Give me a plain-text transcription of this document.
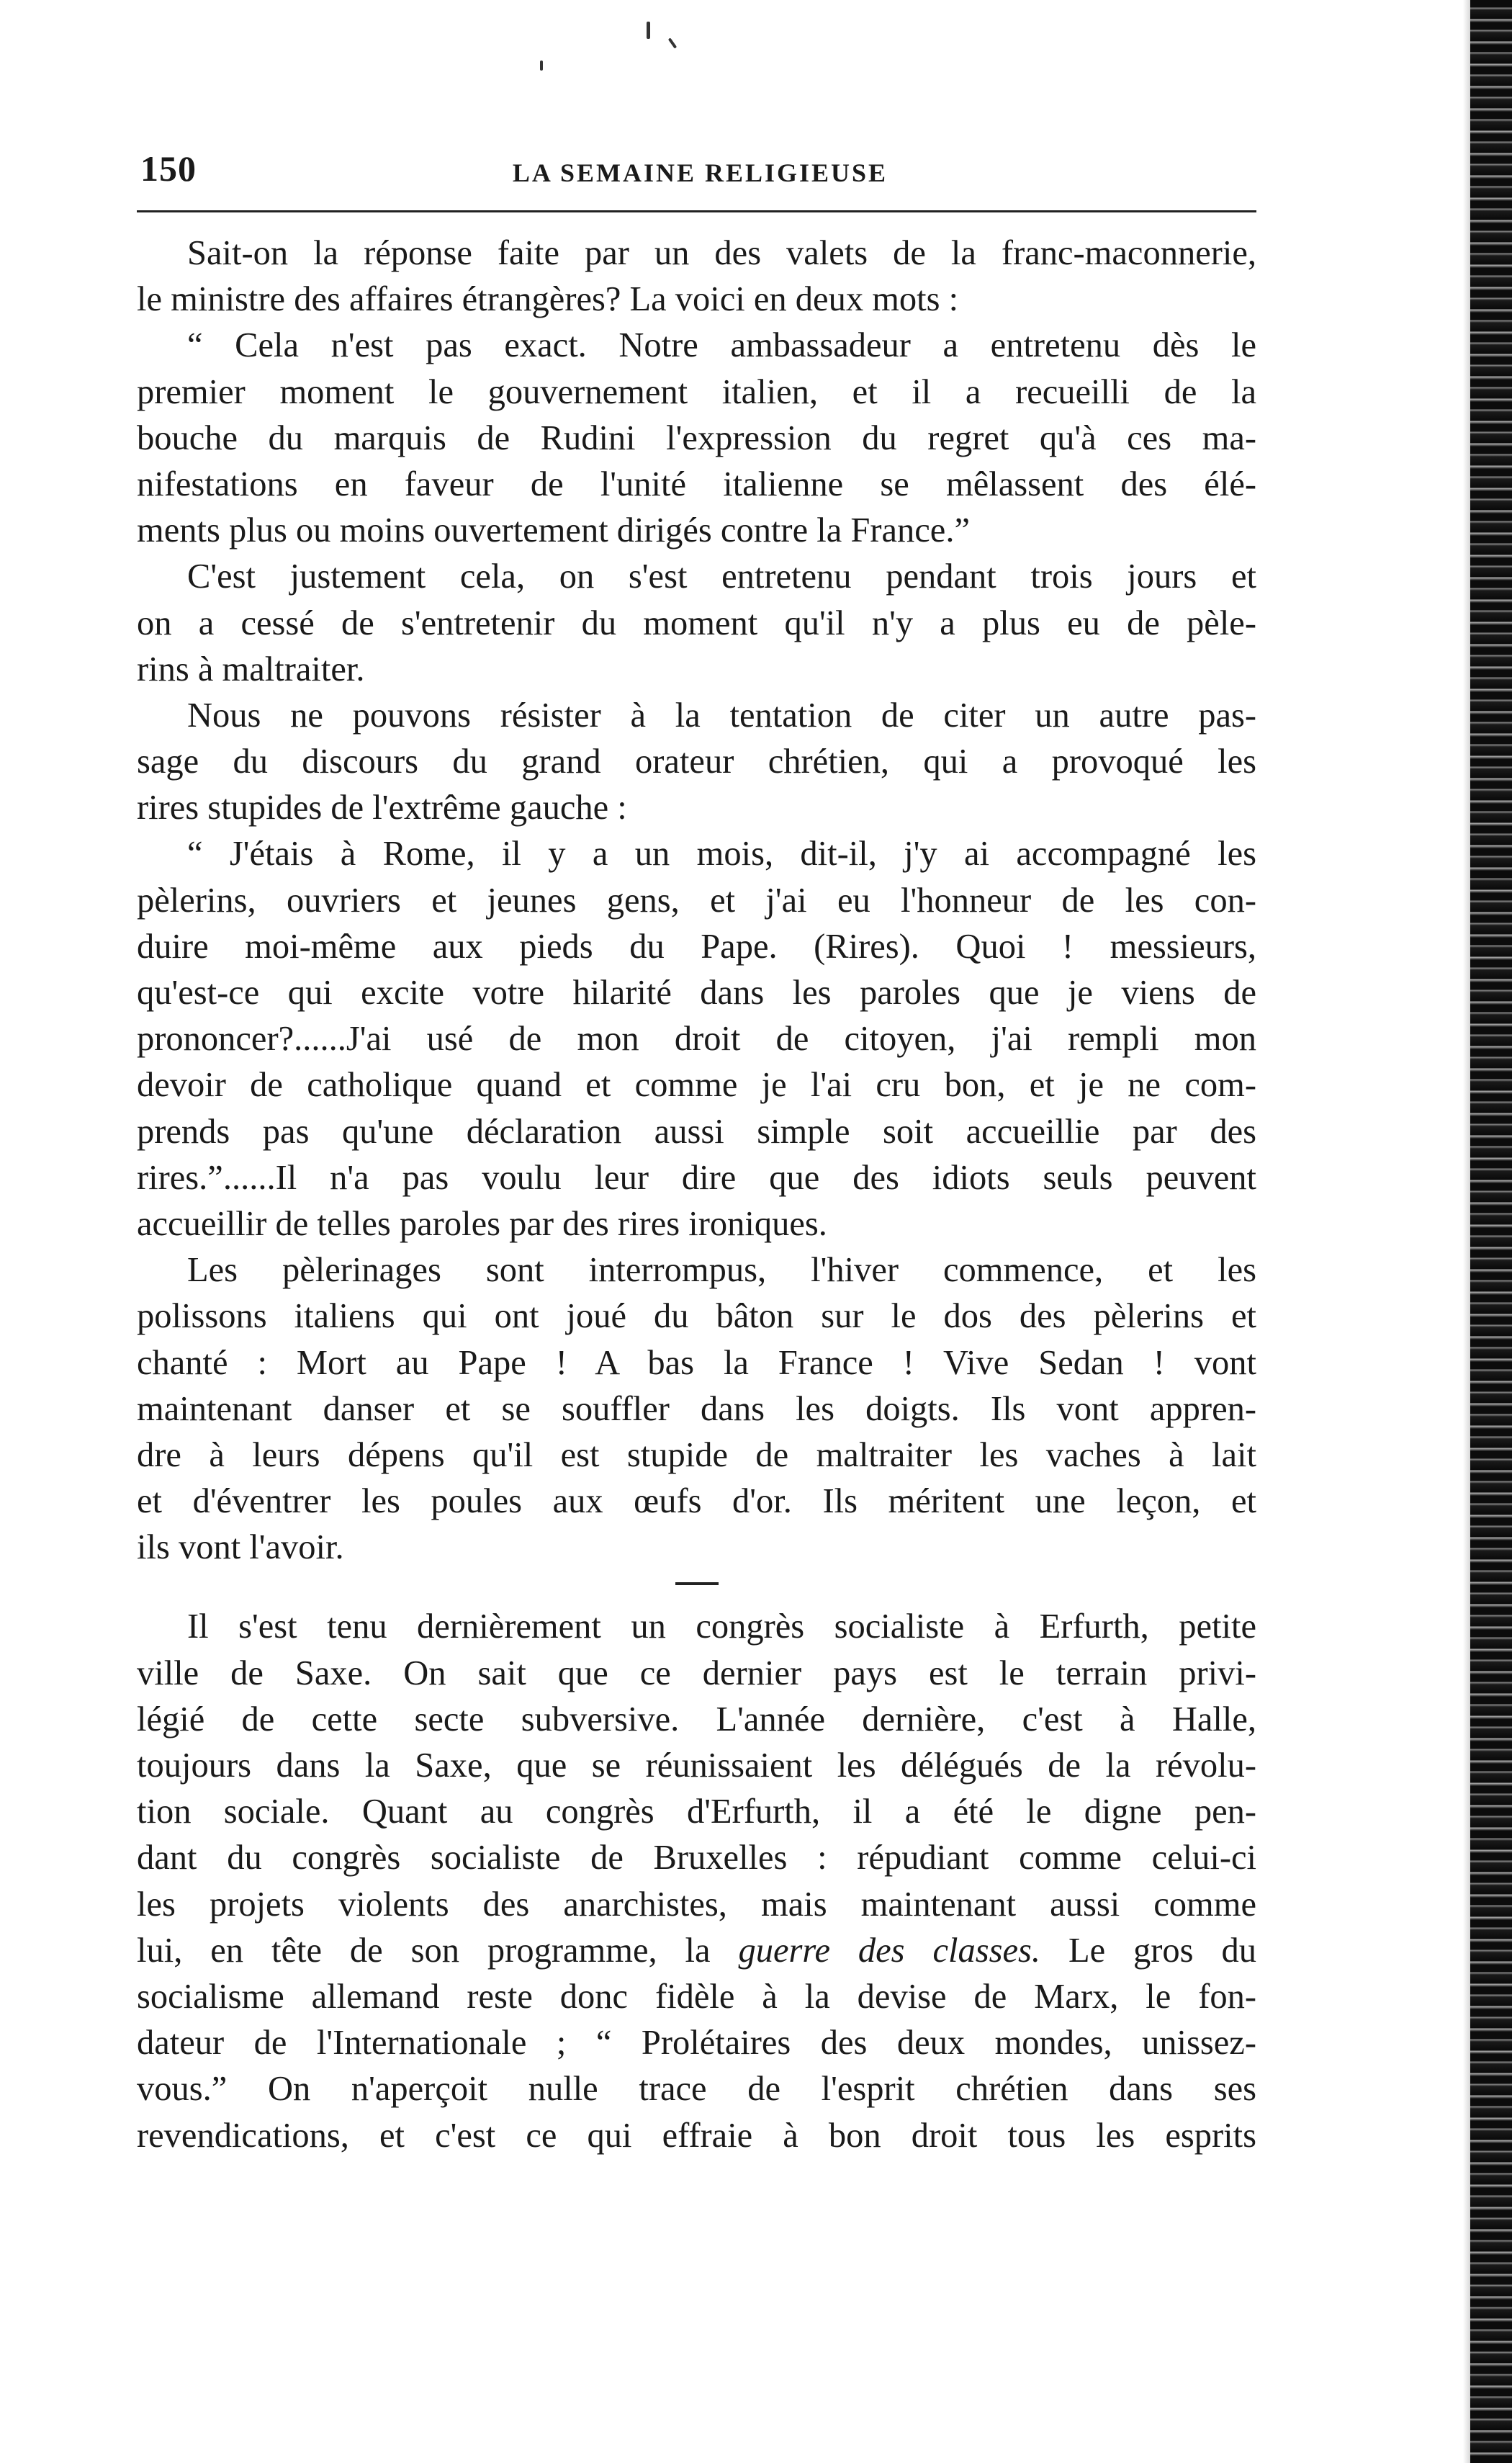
150	LA SEMAINE RELIGIEUSE
Sait-on la réponse faite par un des valets de la franc-maconnerie,
le ministre des affaires étrangères? La voici en deux mots :
“ Cela n'est pas exact. Notre ambassadeur a entretenu dès le
premier moment le gouvernement italien, et il a recueilli de la
bouche du marquis de Rudini l'expression du regret qu'à ces ma-
nifestations en faveur de l'unité italienne se mêlassent des élé-
ments plus ou moins ouvertement dirigés contre la France.”
C'est justement cela, on s'est entretenu pendant trois jours et
on a cessé de s'entretenir du moment qu'il n'y a plus eu de pèle-
rins à maltraiter.
Nous ne pouvons résister à la tentation de citer un autre pas-
sage du discours du grand orateur chrétien, qui a provoqué les
rires stupides de l'extrême gauche :
“ J'étais à Rome, il y a un mois, dit-il, j'y ai accompagné les
pèlerins, ouvriers et jeunes gens, et j'ai eu l'honneur de les con-
duire moi-même aux pieds du Pape. (Rires). Quoi ! messieurs,
qu'est-ce qui excite votre hilarité dans les paroles que je viens de
prononcer?......J'ai usé de mon droit de citoyen, j'ai rempli mon
devoir de catholique quand et comme je l'ai cru bon, et je ne com-
prends pas qu'une déclaration aussi simple soit accueillie par des
rires.”......Il n'a pas voulu leur dire que des idiots seuls peuvent
accueillir de telles paroles par des rires ironiques.
Les pèlerinages sont interrompus, l'hiver commence, et les
polissons italiens qui ont joué du bâton sur le dos des pèlerins et
chanté : Mort au Pape ! A bas la France ! Vive Sedan ! vont
maintenant danser et se souffler dans les doigts. Ils vont appren-
dre à leurs dépens qu'il est stupide de maltraiter les vaches à lait
et d'éventrer les poules aux œufs d'or. Ils méritent une leçon, et
ils vont l'avoir.
Il s'est tenu dernièrement un congrès socialiste à Erfurth, petite
ville de Saxe. On sait que ce dernier pays est le terrain privi-
légié de cette secte subversive. L'année dernière, c'est à Halle,
toujours dans la Saxe, que se réunissaient les délégués de la révolu-
tion sociale. Quant au congrès d'Erfurth, il a été le digne pen-
dant du congrès socialiste de Bruxelles : répudiant comme celui-ci
les projets violents des anarchistes, mais maintenant aussi comme
lui, en tête de son programme, la guerre des classes. Le gros du
socialisme allemand reste donc fidèle à la devise de Marx, le fon-
dateur de l'Internationale ; “ Prolétaires des deux mondes, unissez-
vous.” On n'aperçoit nulle trace de l'esprit chrétien dans ses
revendications, et c'est ce qui effraie à bon droit tous les esprits
